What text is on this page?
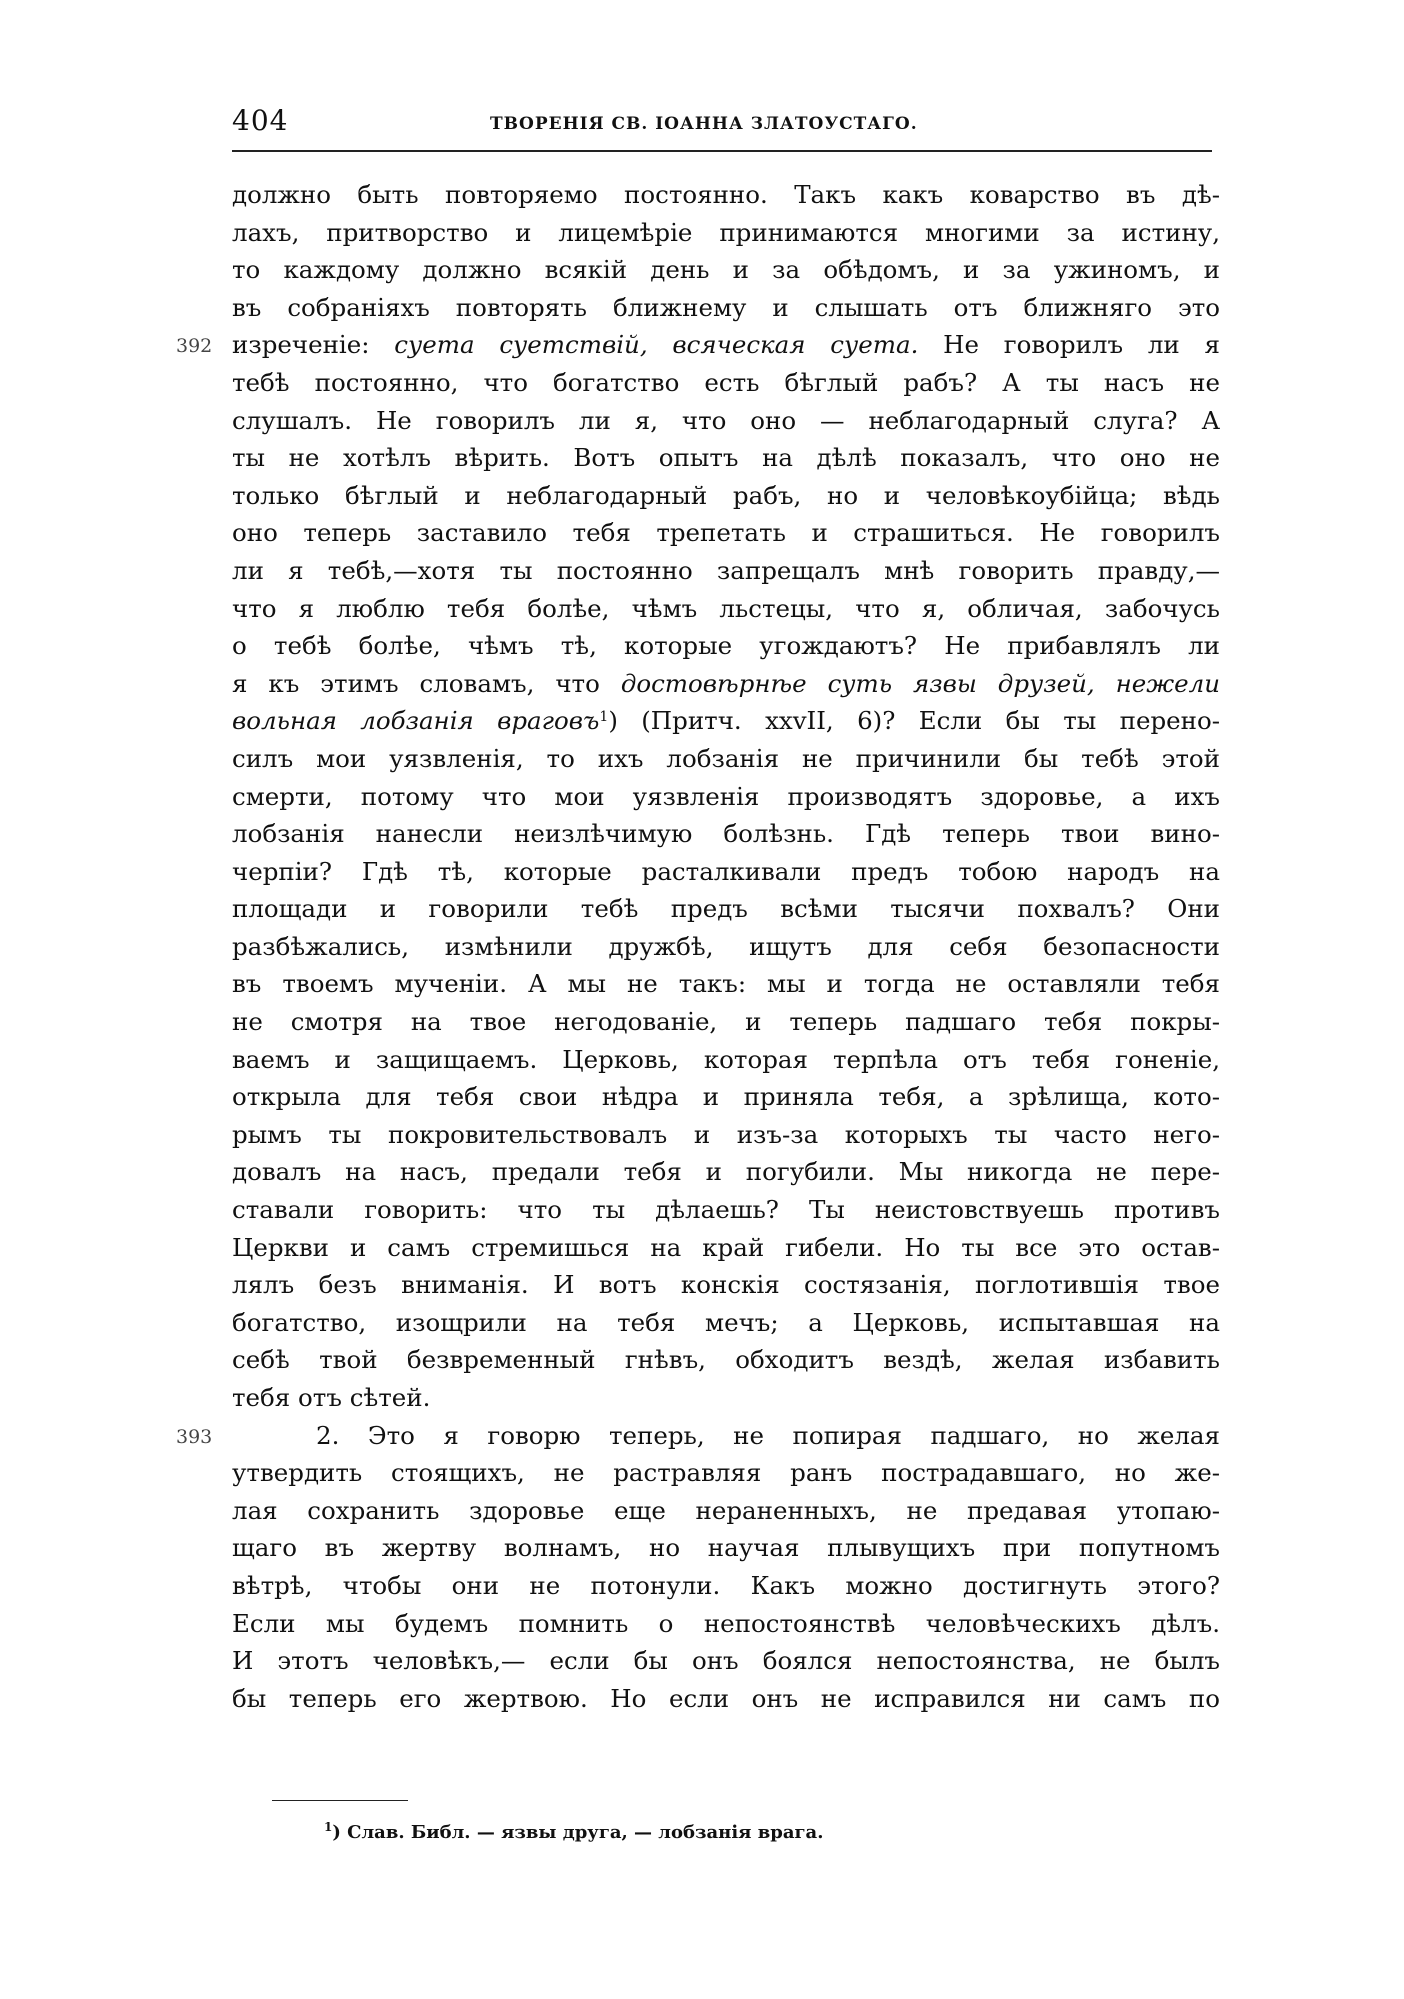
404	ТВОРЕНІЯ СВ. ІОАННА ЗЛАТОУСТАГО.
должно быть повторяемо постоянно. Такъ какъ коварство въ дѣ-
лахъ, притворство и лицемѣріе принимаются многими за истину,
то каждому должно всякій день и за обѣдомъ, и за ужиномъ, и
въ собраніяхъ повторять ближнему и слышать отъ ближняго это
392 изреченіе: суета суетствій, всяческая суета. Не говорилъ ли я
тебѣ постоянно, что богатство есть бѣглый рабъ? А ты насъ не
слушалъ. Не говорилъ ли я, что оно — неблагодарный слуга? А
ты не хотѣлъ вѣрить. Вотъ опытъ на дѣлѣ показалъ, что оно не
только бѣглый и неблагодарный рабъ, но и человѣкоубійца; вѣдь
оно теперь заставило тебя трепетать и страшиться. Не говорилъ
ли я тебѣ,—хотя ты постоянно запрещалъ мнѣ говорить правду,—
что я люблю тебя болѣе, чѣмъ льстецы, что я, обличая, забочусь
о тебѣ болѣе, чѣмъ тѣ, которые угождаютъ? Не прибавлялъ ли
я къ этимъ словамъ, что достовѣрнѣе суть язвы друзей, нежели
вольная лобзанія враговъ$^1$) (Притч. xxvII, 6)? Если бы ты перено-
силъ мои уязвленія, то ихъ лобзанія не причинили бы тебѣ этой
смерти, потому что мои уязвленія производятъ здоровье, а ихъ
лобзанія нанесли неизлѣчимую болѣзнь. Гдѣ теперь твои вино-
черпіи? Гдѣ тѣ, которые расталкивали предъ тобою народъ на
площади и говорили тебѣ предъ всѣми тысячи похвалъ? Они
разбѣжались, измѣнили дружбѣ, ищутъ для себя безопасности
въ твоемъ мученіи. А мы не такъ: мы и тогда не оставляли тебя
не смотря на твое негодованіе, и теперь падшаго тебя покры-
ваемъ и защищаемъ. Церковь, которая терпѣла отъ тебя гоненіе,
открыла для тебя свои нѣдра и приняла тебя, а зрѣлища, кото-
рымъ ты покровительствовалъ и изъ-за которыхъ ты часто него-
довалъ на насъ, предали тебя и погубили. Мы никогда не пере-
ставали говорить: что ты дѣлаешь? Ты неистовствуешь противъ
Церкви и самъ стремишься на край гибели. Но ты все это остав-
лялъ безъ вниманія. И вотъ конскія состязанія, поглотившія твое
богатство, изощрили на тебя мечъ; а Церковь, испытавшая на
себѣ твой безвременный гнѣвъ, обходитъ вездѣ, желая избавить
тебя отъ сѣтей.
393	2. Это я говорю теперь, не попирая падшаго, но желая
утвердить стоящихъ, не растравляя ранъ пострадавшаго, но же-
лая сохранить здоровье еще нераненныхъ, не предавая утопаю-
щаго въ жертву волнамъ, но научая плывущихъ при попутномъ
вѣтрѣ, чтобы они не потонули. Какъ можно достигнуть этого?
Если мы будемъ помнить о непостоянствѣ человѣческихъ дѣлъ.
И этотъ человѣкъ,— если бы онъ боялся непостоянства, не былъ
бы теперь его жертвою. Но если онъ не исправился ни самъ по
$^1$) Слав. Библ. — язвы друга, — лобзанія врага.
